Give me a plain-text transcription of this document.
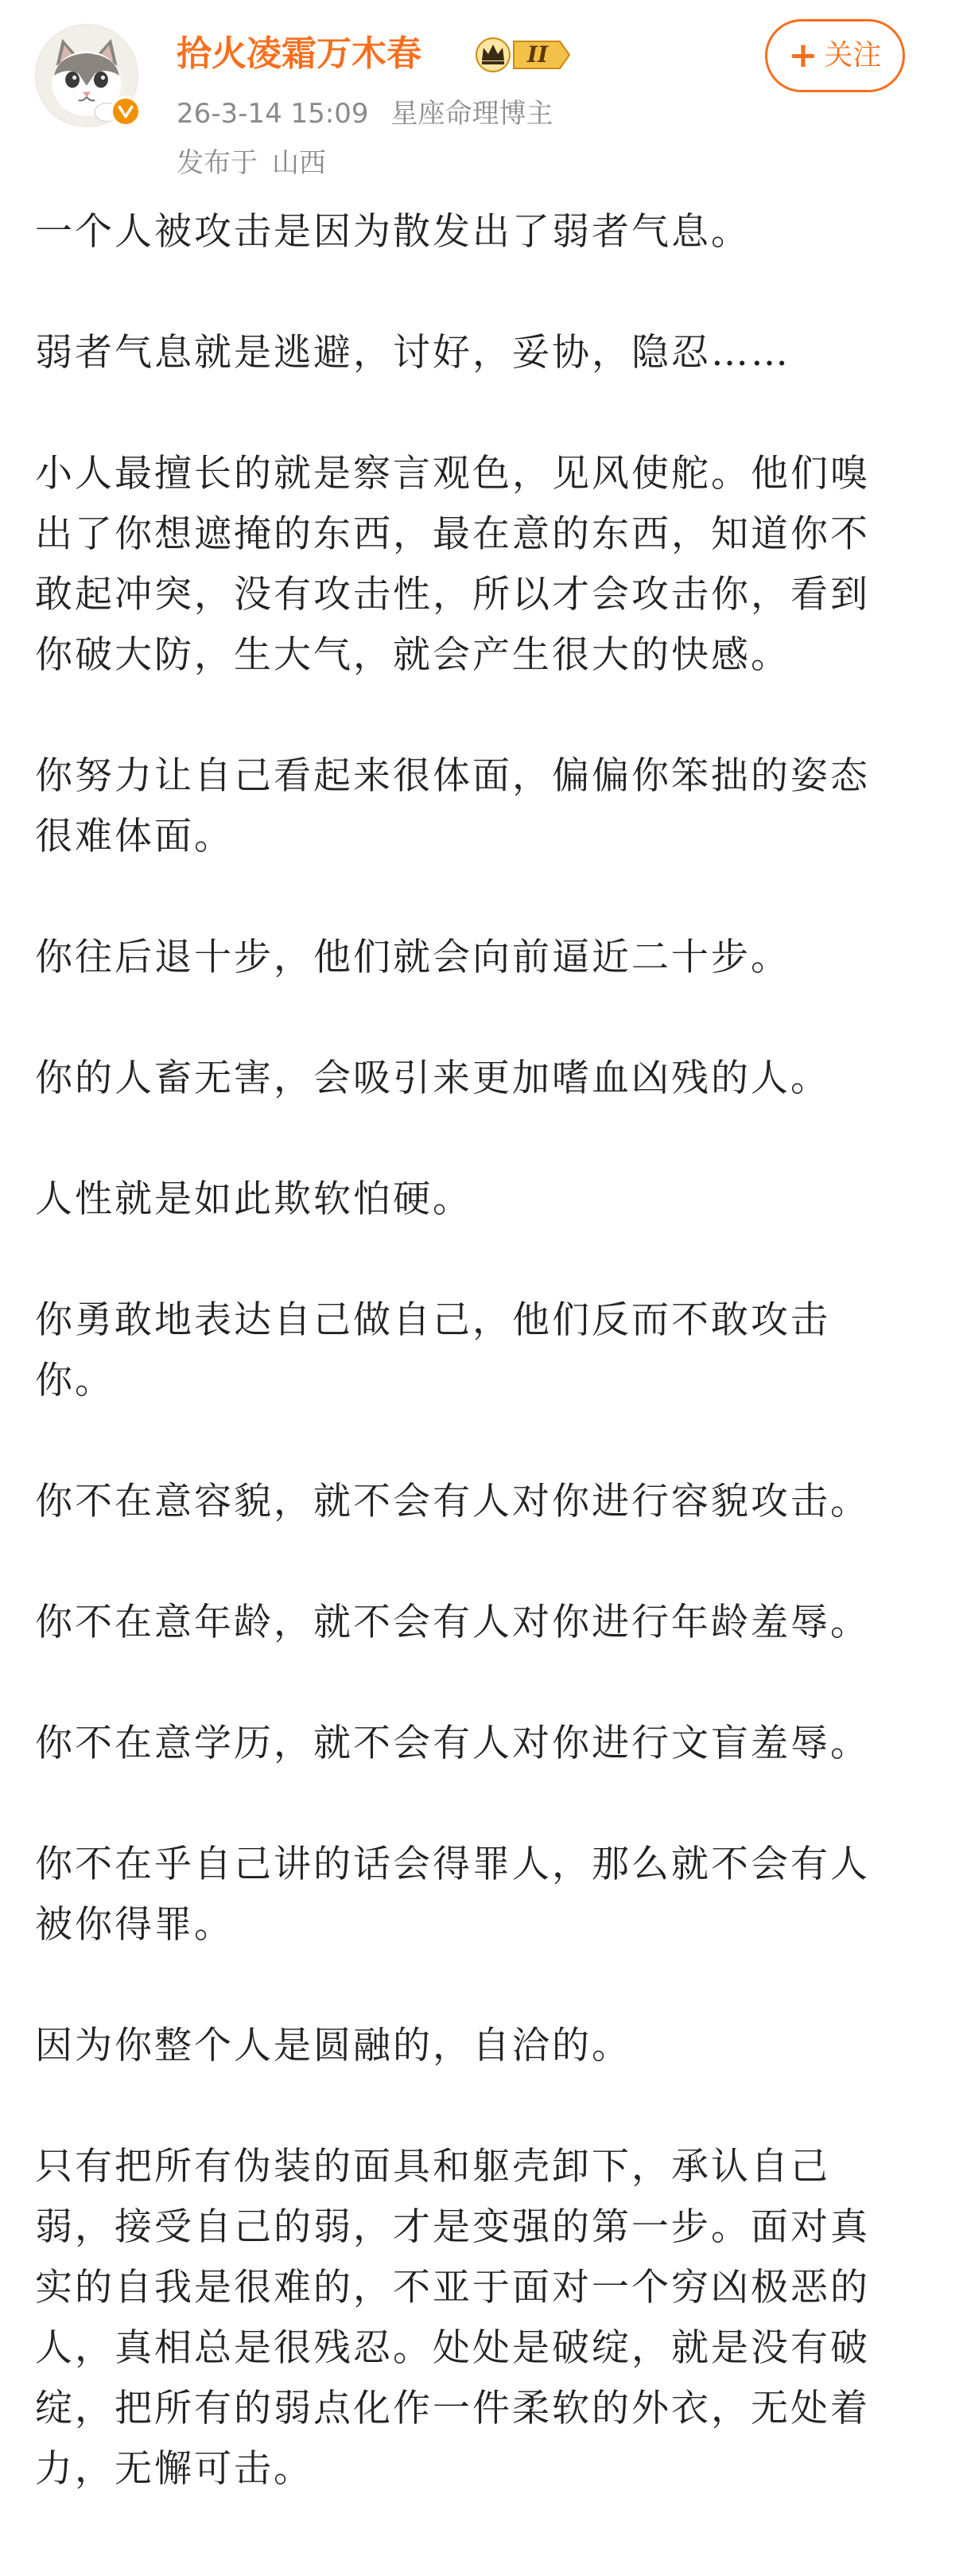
拾火凌霜万木春	II
26-3-14 15:09 星座命理博主
发布于 山西
+ 关注

一个人被攻击是因为散发出了弱者气息。

弱者气息就是逃避，讨好，妥协，隐忍……

小人最擅长的就是察言观色，见风使舵。他们嗅
出了你想遮掩的东西，最在意的东西，知道你不
敢起冲突，没有攻击性，所以才会攻击你，看到
你破大防，生大气，就会产生很大的快感。

你努力让自己看起来很体面，偏偏你笨拙的姿态
很难体面。

你往后退十步，他们就会向前逼近二十步。

你的人畜无害，会吸引来更加嗜血凶残的人。

人性就是如此欺软怕硬。

你勇敢地表达自己做自己，他们反而不敢攻击
你。

你不在意容貌，就不会有人对你进行容貌攻击。

你不在意年龄，就不会有人对你进行年龄羞辱。

你不在意学历，就不会有人对你进行文盲羞辱。

你不在乎自己讲的话会得罪人，那么就不会有人
被你得罪。

因为你整个人是圆融的，自洽的。

只有把所有伪装的面具和躯壳卸下，承认自己
弱，接受自己的弱，才是变强的第一步。面对真
实的自我是很难的，不亚于面对一个穷凶极恶的
人，真相总是很残忍。处处是破绽，就是没有破
绽，把所有的弱点化作一件柔软的外衣，无处着
力，无懈可击。
